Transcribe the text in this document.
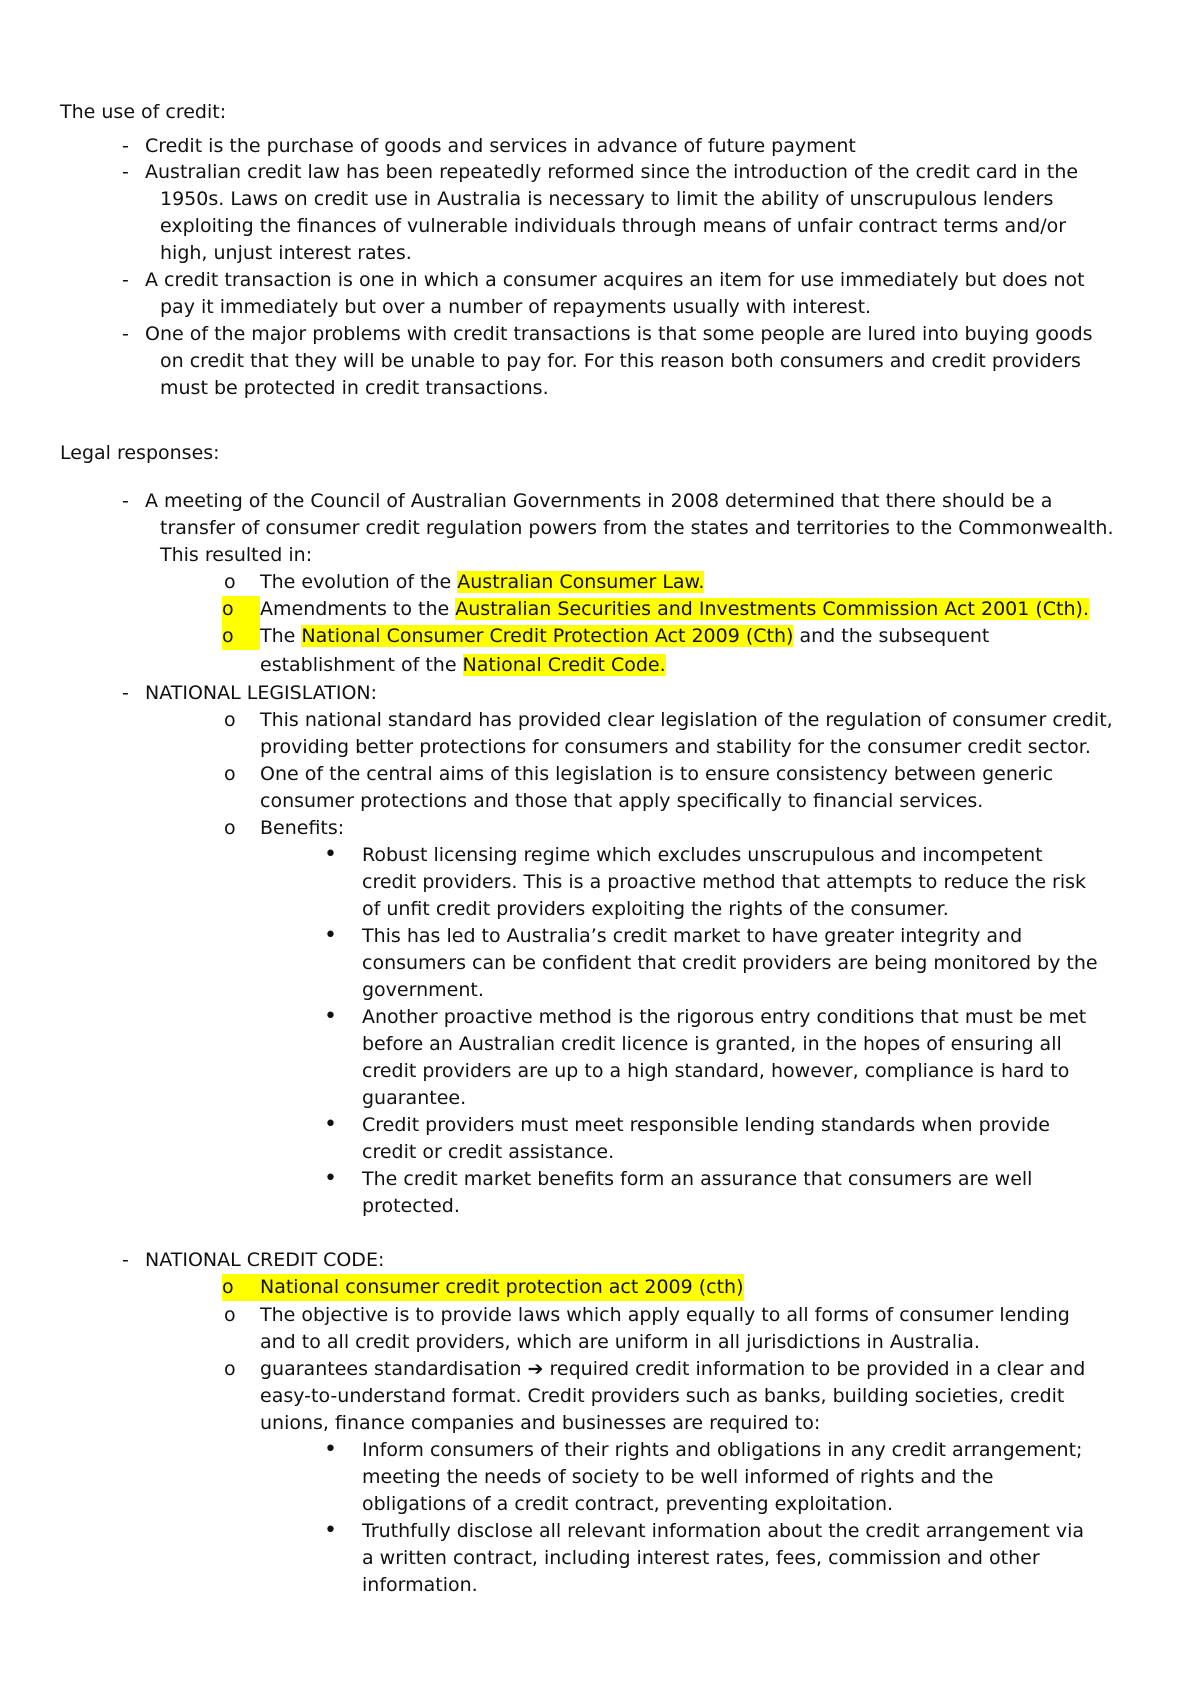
The use of credit:
- Credit is the purchase of goods and services in advance of future payment
- Australian credit law has been repeatedly reformed since the introduction of the credit card in the
1950s. Laws on credit use in Australia is necessary to limit the ability of unscrupulous lenders
exploiting the finances of vulnerable individuals through means of unfair contract terms and/or
high, unjust interest rates.
- A credit transaction is one in which a consumer acquires an item for use immediately but does not
pay it immediately but over a number of repayments usually with interest.
- One of the major problems with credit transactions is that some people are lured into buying goods
on credit that they will be unable to pay for. For this reason both consumers and credit providers
must be protected in credit transactions.
Legal responses:
- A meeting of the Council of Australian Governments in 2008 determined that there should be a
transfer of consumer credit regulation powers from the states and territories to the Commonwealth.
This resulted in:
o The evolution of the Australian Consumer Law.
o	Amendments to the Australian Securities and Investments Commission Act 2001 (Cth).
o	The National Consumer Credit Protection Act 2009 (Cth) and the subsequent
establishment of the National Credit Code.
- NATIONAL LEGISLATION:
o This national standard has provided clear legislation of the regulation of consumer credit,
providing better protections for consumers and stability for the consumer credit sector.
o One of the central aims of this legislation is to ensure consistency between generic
consumer protections and those that apply specifically to financial services.
o Benefits:
• Robust licensing regime which excludes unscrupulous and incompetent
credit providers. This is a proactive method that attempts to reduce the risk
of unfit credit providers exploiting the rights of the consumer.
• This has led to Australia’s credit market to have greater integrity and
consumers can be confident that credit providers are being monitored by the
government.
• Another proactive method is the rigorous entry conditions that must be met
before an Australian credit licence is granted, in the hopes of ensuring all
credit providers are up to a high standard, however, compliance is hard to
guarantee.
• Credit providers must meet responsible lending standards when provide
credit or credit assistance.
• The credit market benefits form an assurance that consumers are well
protected.
- NATIONAL CREDIT CODE:
o	National consumer credit protection act 2009 (cth)
o The objective is to provide laws which apply equally to all forms of consumer lending
and to all credit providers, which are uniform in all jurisdictions in Australia.
o guarantees standardisation ➔ required credit information to be provided in a clear and
easy-to-understand format. Credit providers such as banks, building societies, credit
unions, finance companies and businesses are required to:
• Inform consumers of their rights and obligations in any credit arrangement;
meeting the needs of society to be well informed of rights and the
obligations of a credit contract, preventing exploitation.
• Truthfully disclose all relevant information about the credit arrangement via
a written contract, including interest rates, fees, commission and other
information.
